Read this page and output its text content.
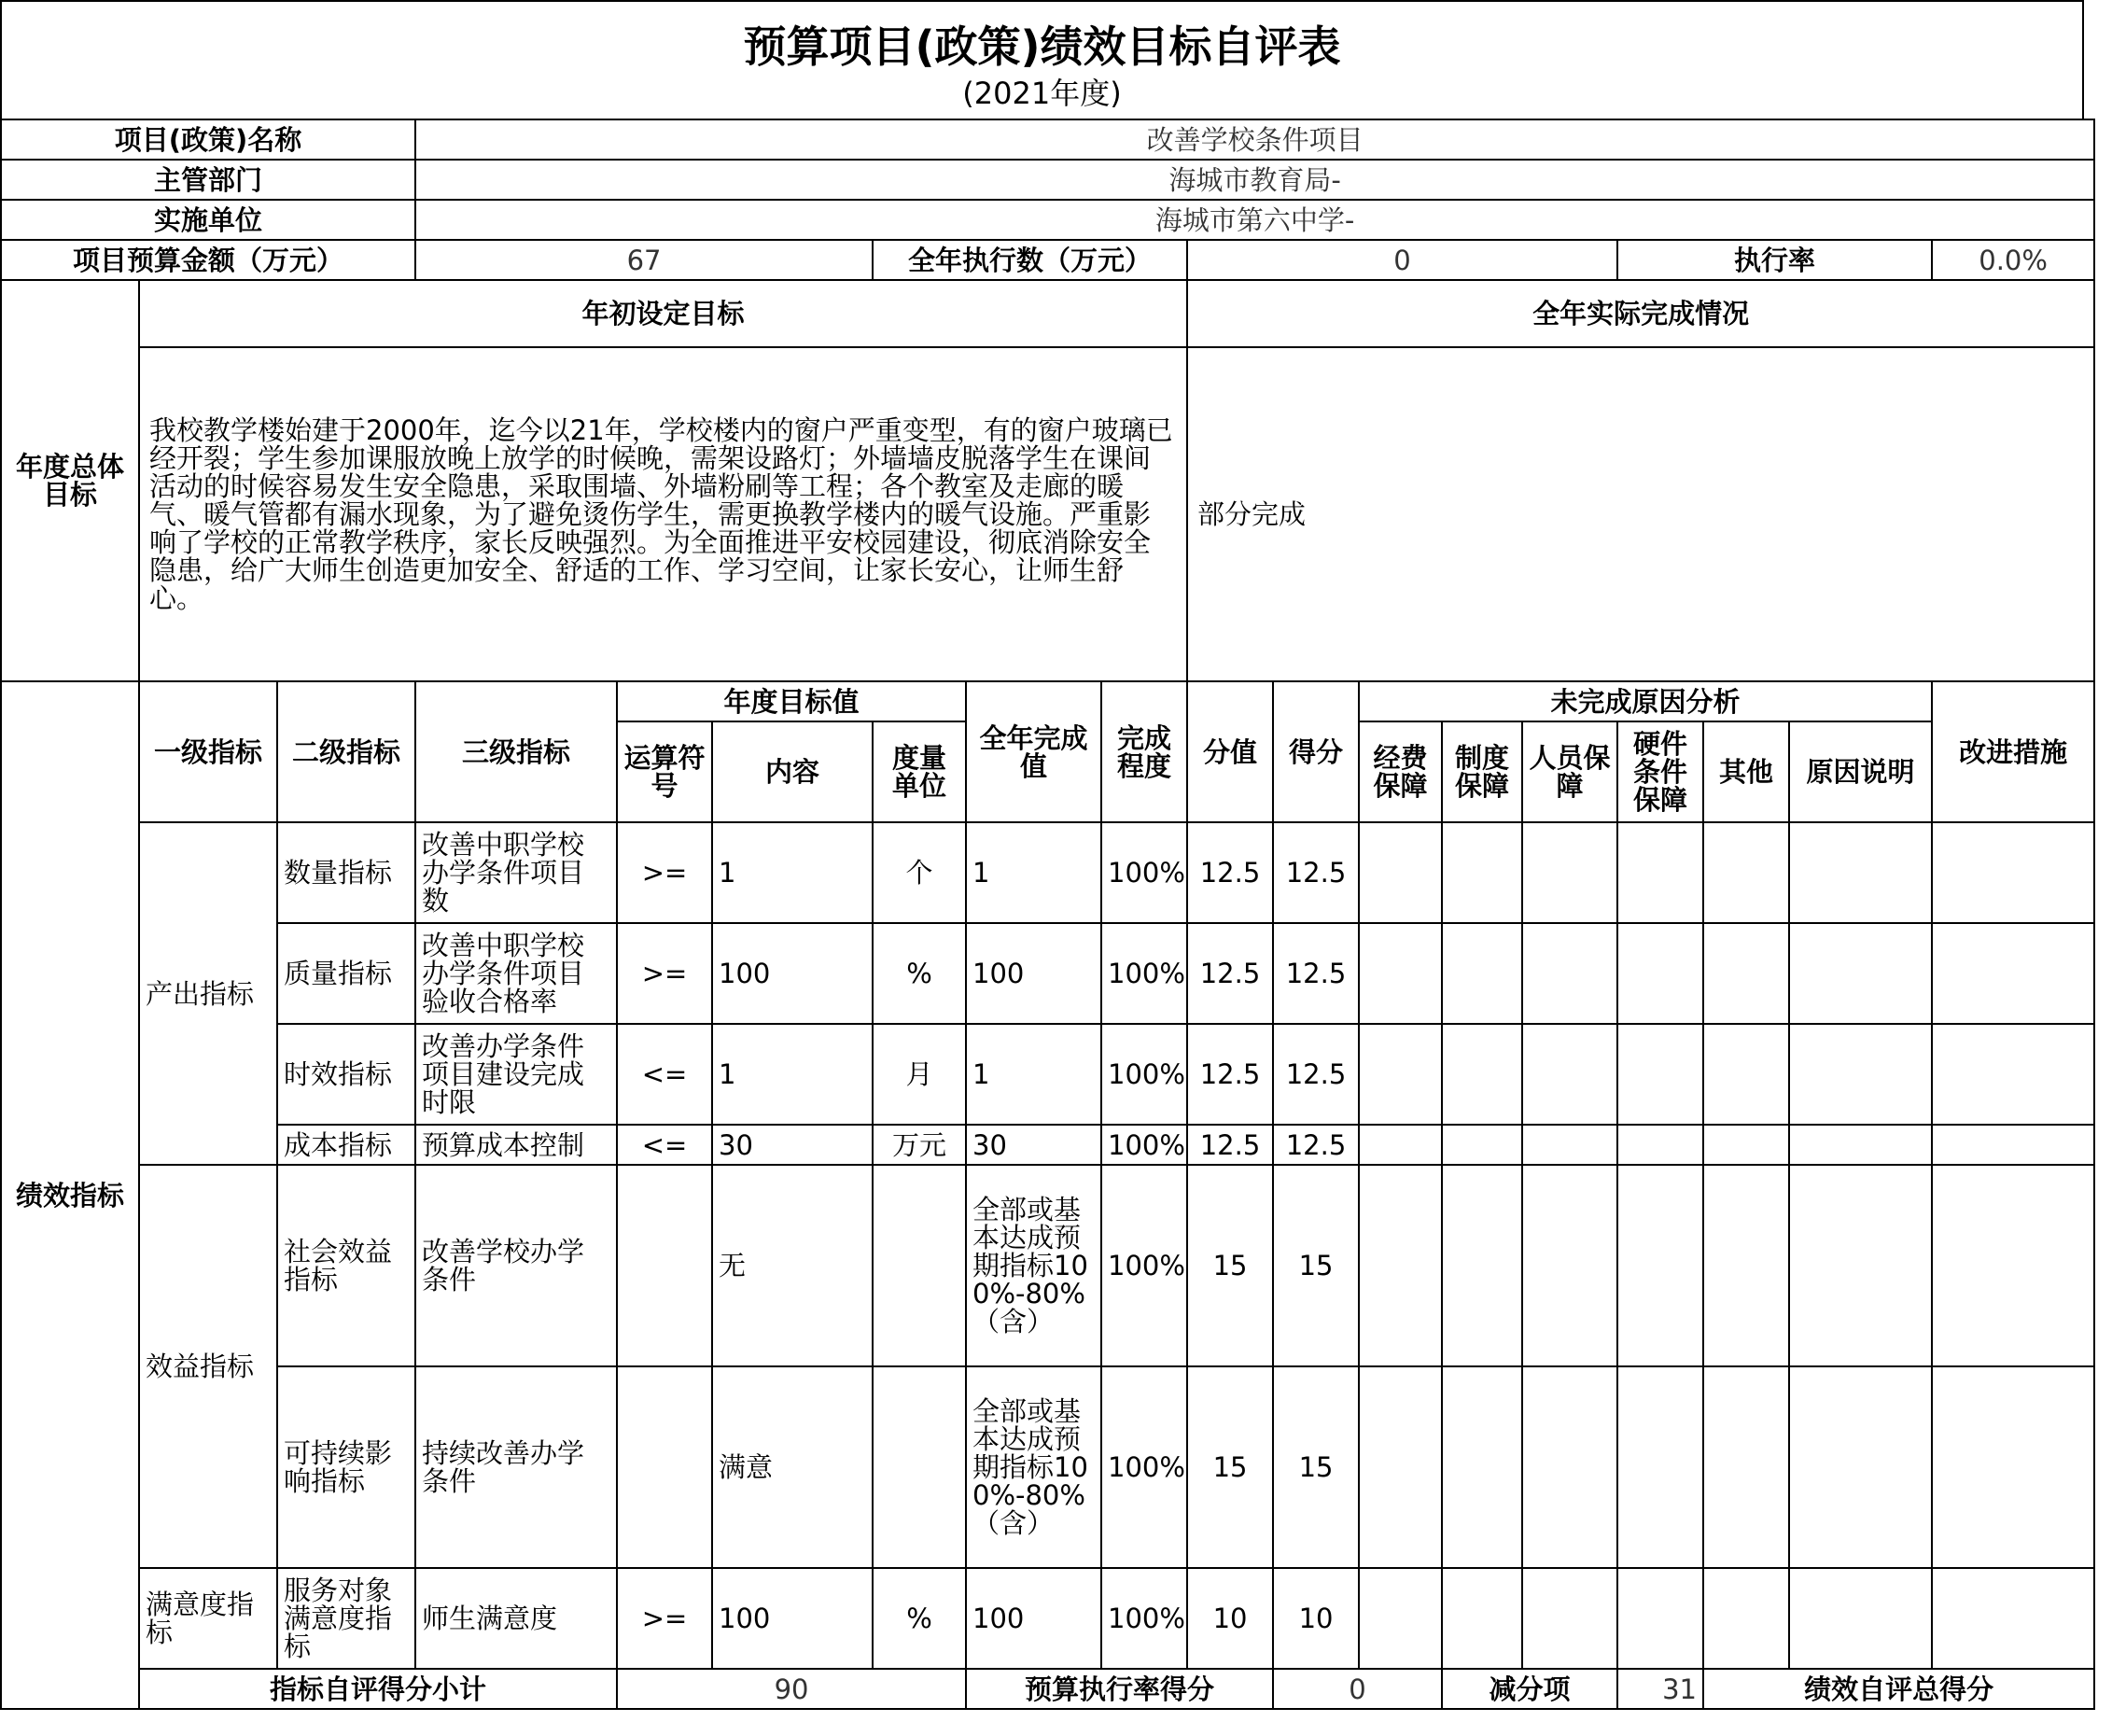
预算项目(政策)绩效目标自评表
(2021年度)
项目(政策)名称			改善学校条件项目															
主管部门			海城市教育局-															
实施单位			海城市第六中学-															
项目预算金额（万元）			67			全年执行数（万元）			0					执行率			0.0%	
年度总体目标	年初设定目标								全年实际完成情况									
	我校教学楼始建于2000年，迄今以21年，学校楼内的窗户严重变型，有的窗户玻璃已经开裂；学生参加课服放晚上放学的时候晚，需架设路灯；外墙墙皮脱落学生在课间活动的时候容易发生安全隐患，采取围墙、外墙粉刷等工程；各个教室及走廊的暖气、暖气管都有漏水现象，为了避免烫伤学生，需更换教学楼内的暖气设施。严重影响了学校的正常教学秩序，家长反映强烈。为全面推进平安校园建设，彻底消除安全隐患，给广大师生创造更加安全、舒适的工作、学习空间，让家长安心，让师生舒心。								部分完成									
绩效指标	一级指标	二级指标	三级指标	年度目标值			全年完成值	完成程度	分值	得分	未完成原因分析						改进措施	
				运算符号	内容	度量单位					经费保障	制度保障	人员保障	硬件条件保障	其他	原因说明		
	产出指标	数量指标	改善中职学校办学条件项目数	>=	1	个	1	100%	12.5	12.5								
		质量指标	改善中职学校办学条件项目验收合格率	>=	100	%	100	100%	12.5	12.5								
		时效指标	改善办学条件项目建设完成时限	<=	1	月	1	100%	12.5	12.5								
		成本指标	预算成本控制	<=	30	万元	30	100%	12.5	12.5								
	效益指标	社会效益指标	改善学校办学条件		无		全部或基本达成预期指标100%-80%（含）	100%	15	15								
		可持续影响指标	持续改善办学条件		满意		全部或基本达成预期指标100%-80%（含）	100%	15	15								
	满意度指标	服务对象满意度指标	师生满意度	>=	100	%	100	100%	10	10								
	指标自评得分小计			90			预算执行率得分			0		减分项		31	绩效自评总得分	
